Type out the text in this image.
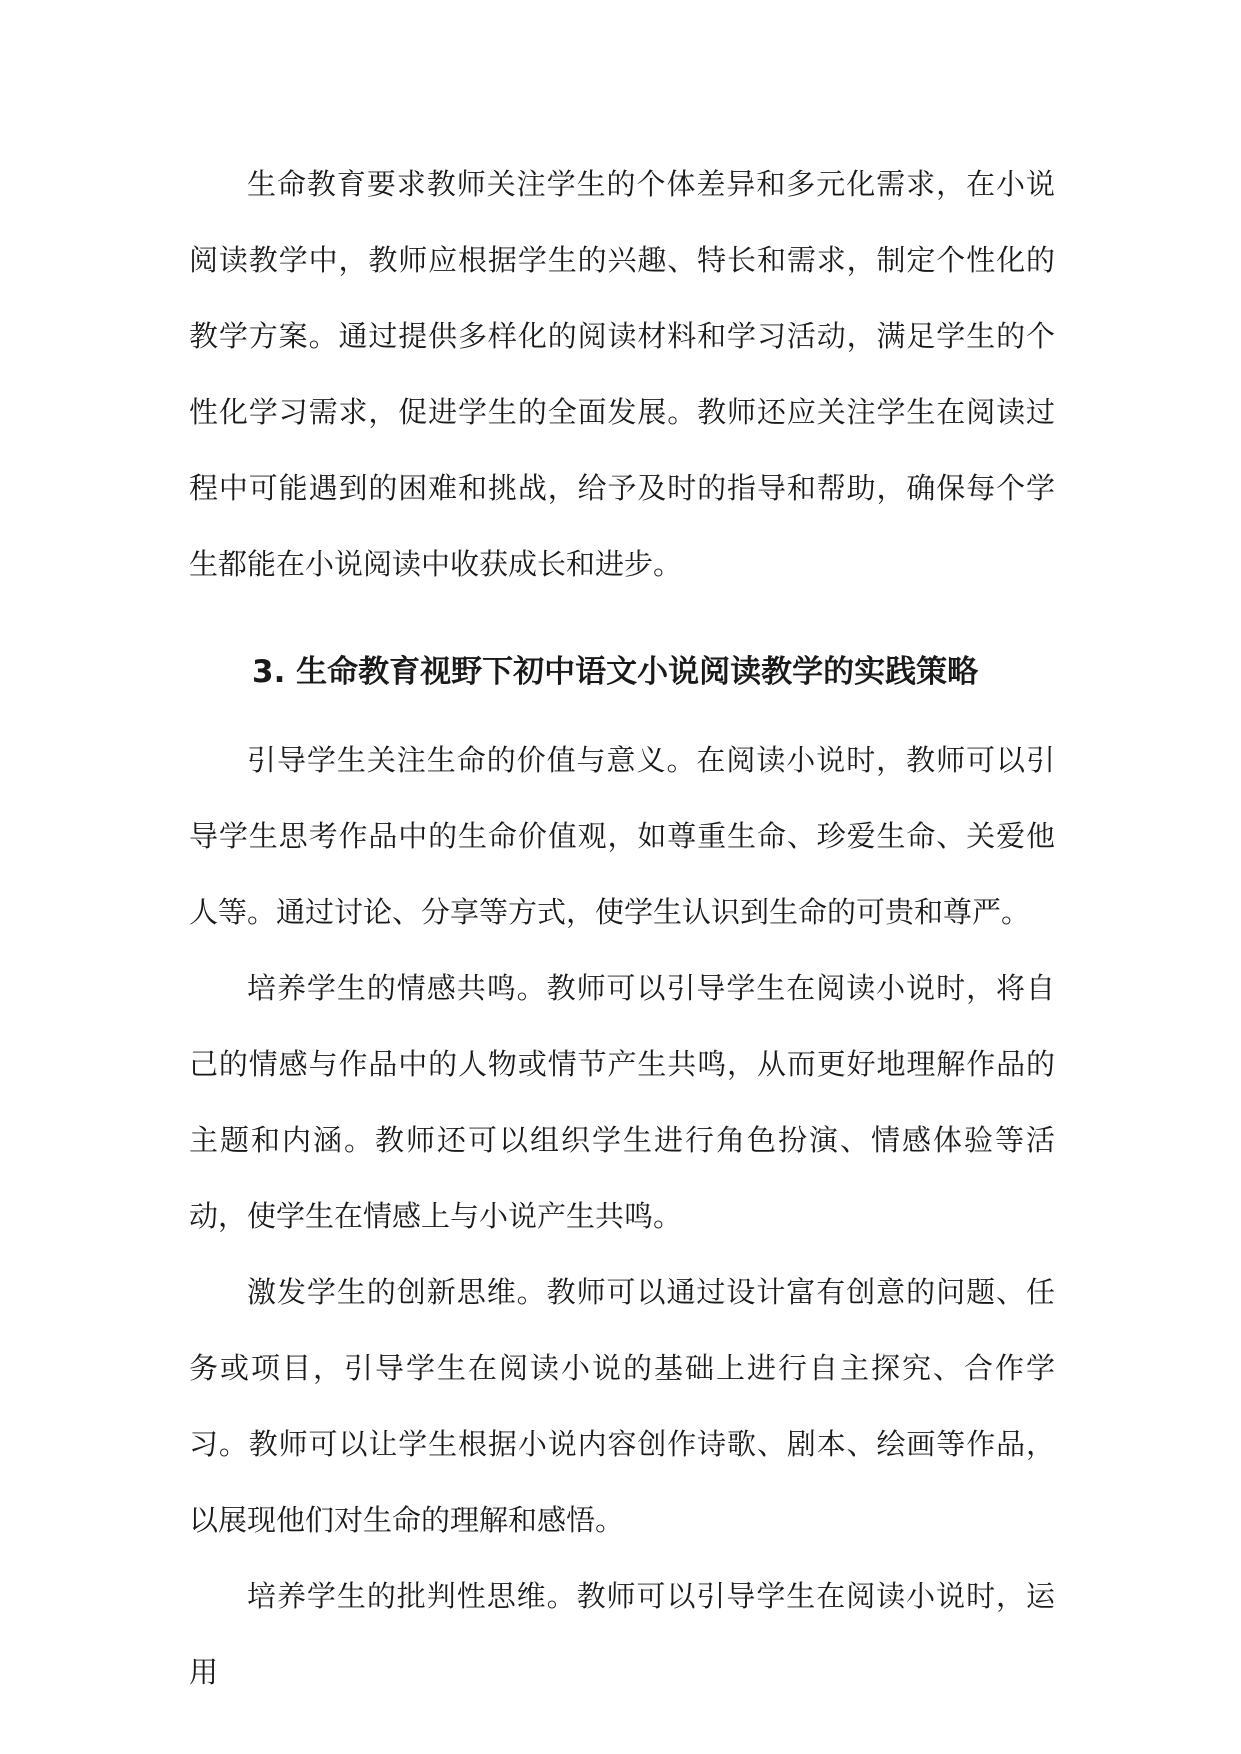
生命教育要求教师关注学生的个体差异和多元化需求，在小说阅读教学中，教师应根据学生的兴趣、特长和需求，制定个性化的教学方案。通过提供多样化的阅读材料和学习活动，满足学生的个性化学习需求，促进学生的全面发展。教师还应关注学生在阅读过程中可能遇到的困难和挑战，给予及时的指导和帮助，确保每个学生都能在小说阅读中收获成长和进步。

3. 生命教育视野下初中语文小说阅读教学的实践策略

引导学生关注生命的价值与意义。在阅读小说时，教师可以引导学生思考作品中的生命价值观，如尊重生命、珍爱生命、关爱他人等。通过讨论、分享等方式，使学生认识到生命的可贵和尊严。

培养学生的情感共鸣。教师可以引导学生在阅读小说时，将自己的情感与作品中的人物或情节产生共鸣，从而更好地理解作品的主题和内涵。教师还可以组织学生进行角色扮演、情感体验等活动，使学生在情感上与小说产生共鸣。

激发学生的创新思维。教师可以通过设计富有创意的问题、任务或项目，引导学生在阅读小说的基础上进行自主探究、合作学习。教师可以让学生根据小说内容创作诗歌、剧本、绘画等作品，以展现他们对生命的理解和感悟。

培养学生的批判性思维。教师可以引导学生在阅读小说时，运用
